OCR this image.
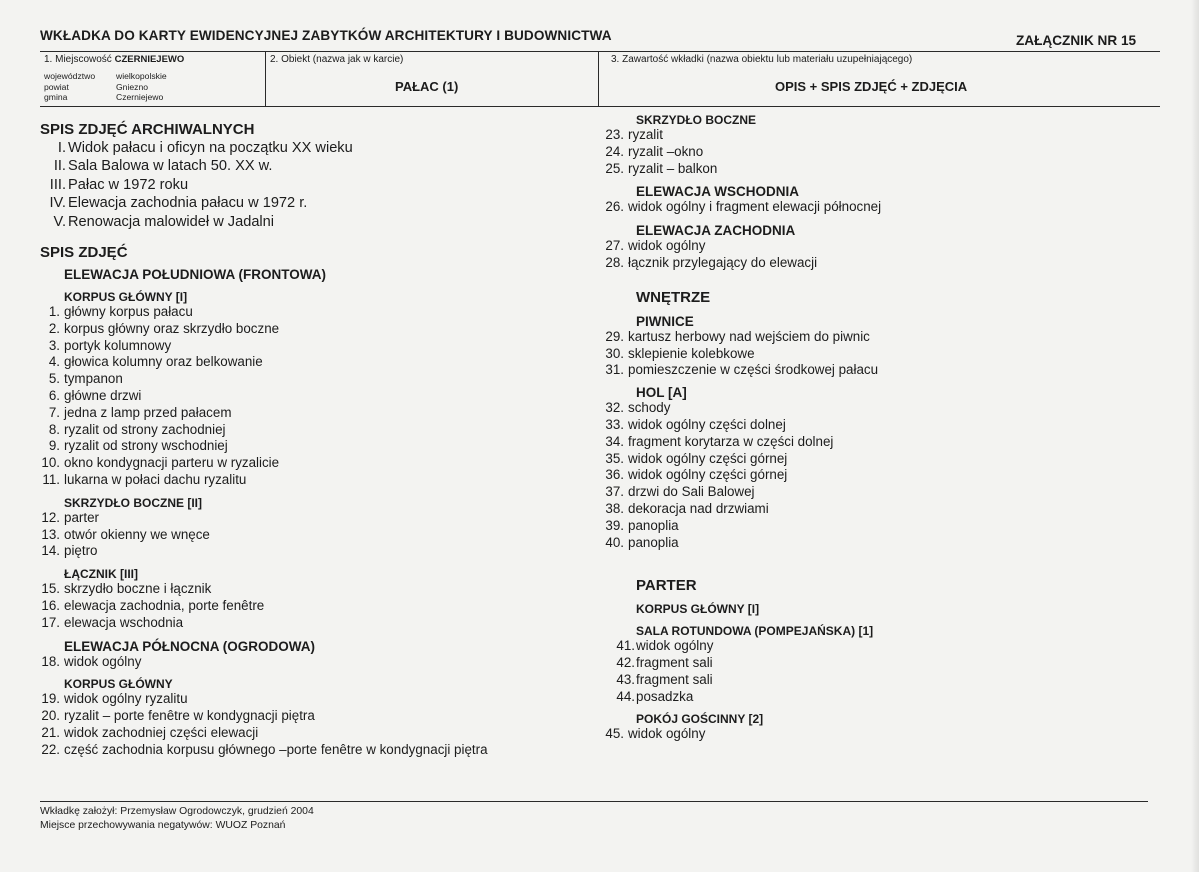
WKŁADKA DO KARTY EWIDENCYJNEJ ZABYTKÓW ARCHITEKTURY I BUDOWNICTWA	ZAŁĄCZNIK NR 15
1. Miejscowość CZERNIEJEWO
województwo
powiat
gmina
wielkopolskie
Gniezno
Czerniejewo
2. Obiekt (nazwa jak w karcie)
PAŁAC (1)
3. Zawartość wkładki (nazwa obiektu lub materiału uzupełniającego)
OPIS + SPIS ZDJĘĆ + ZDJĘCIA
SPIS ZDJĘĆ ARCHIWALNYCH
I. Widok pałacu i oficyn na początku XX wieku
II. Sala Balowa w latach 50. XX w.
III. Pałac w 1972 roku
IV. Elewacja zachodnia pałacu w 1972 r.
V. Renowacja malowideł w Jadalni
SPIS ZDJĘĆ
ELEWACJA POŁUDNIOWA (FRONTOWA)
KORPUS GŁÓWNY [I]
1. główny korpus pałacu
2. korpus główny oraz skrzydło boczne
3. portyk kolumnowy
4. głowica kolumny oraz belkowanie
5. tympanon
6. główne drzwi
7. jedna z lamp przed pałacem
8. ryzalit od strony zachodniej
9. ryzalit od strony wschodniej
10. okno kondygnacji parteru w ryzalicie
11. lukarna w połaci dachu ryzalitu
SKRZYDŁO BOCZNE [II]
12. parter
13. otwór okienny we wnęce
14. piętro
ŁĄCZNIK [III]
15. skrzydło boczne i łącznik
16. elewacja zachodnia, porte fenêtre
17. elewacja wschodnia
ELEWACJA PÓŁNOCNA (OGRODOWA)
18. widok ogólny
KORPUS GŁÓWNY
19. widok ogólny ryzalitu
20. ryzalit – porte fenêtre w kondygnacji piętra
21. widok zachodniej części elewacji
22. część zachodnia korpusu głównego –porte fenêtre w kondygnacji piętra
SKRZYDŁO BOCZNE
23. ryzalit
24. ryzalit –okno
25. ryzalit – balkon
ELEWACJA WSCHODNIA
26. widok ogólny i fragment elewacji północnej
ELEWACJA ZACHODNIA
27. widok ogólny
28. łącznik przylegający do elewacji
WNĘTRZE
PIWNICE
29. kartusz herbowy nad wejściem do piwnic
30. sklepienie kolebkowe
31. pomieszczenie w części środkowej pałacu
HOL [A]
32. schody
33. widok ogólny części dolnej
34. fragment korytarza w części dolnej
35. widok ogólny części górnej
36. widok ogólny części górnej
37. drzwi do Sali Balowej
38. dekoracja nad drzwiami
39. panoplia
40. panoplia
PARTER
KORPUS GŁÓWNY [I]
SALA ROTUNDOWA (POMPEJAŃSKA) [1]
41. widok ogólny
42. fragment sali
43. fragment sali
44. posadzka
POKÓJ GOŚCINNY [2]
45. widok ogólny
Wkładkę założył: Przemysław Ogrodowczyk, grudzień 2004
Miejsce przechowywania negatywów: WUOZ Poznań
